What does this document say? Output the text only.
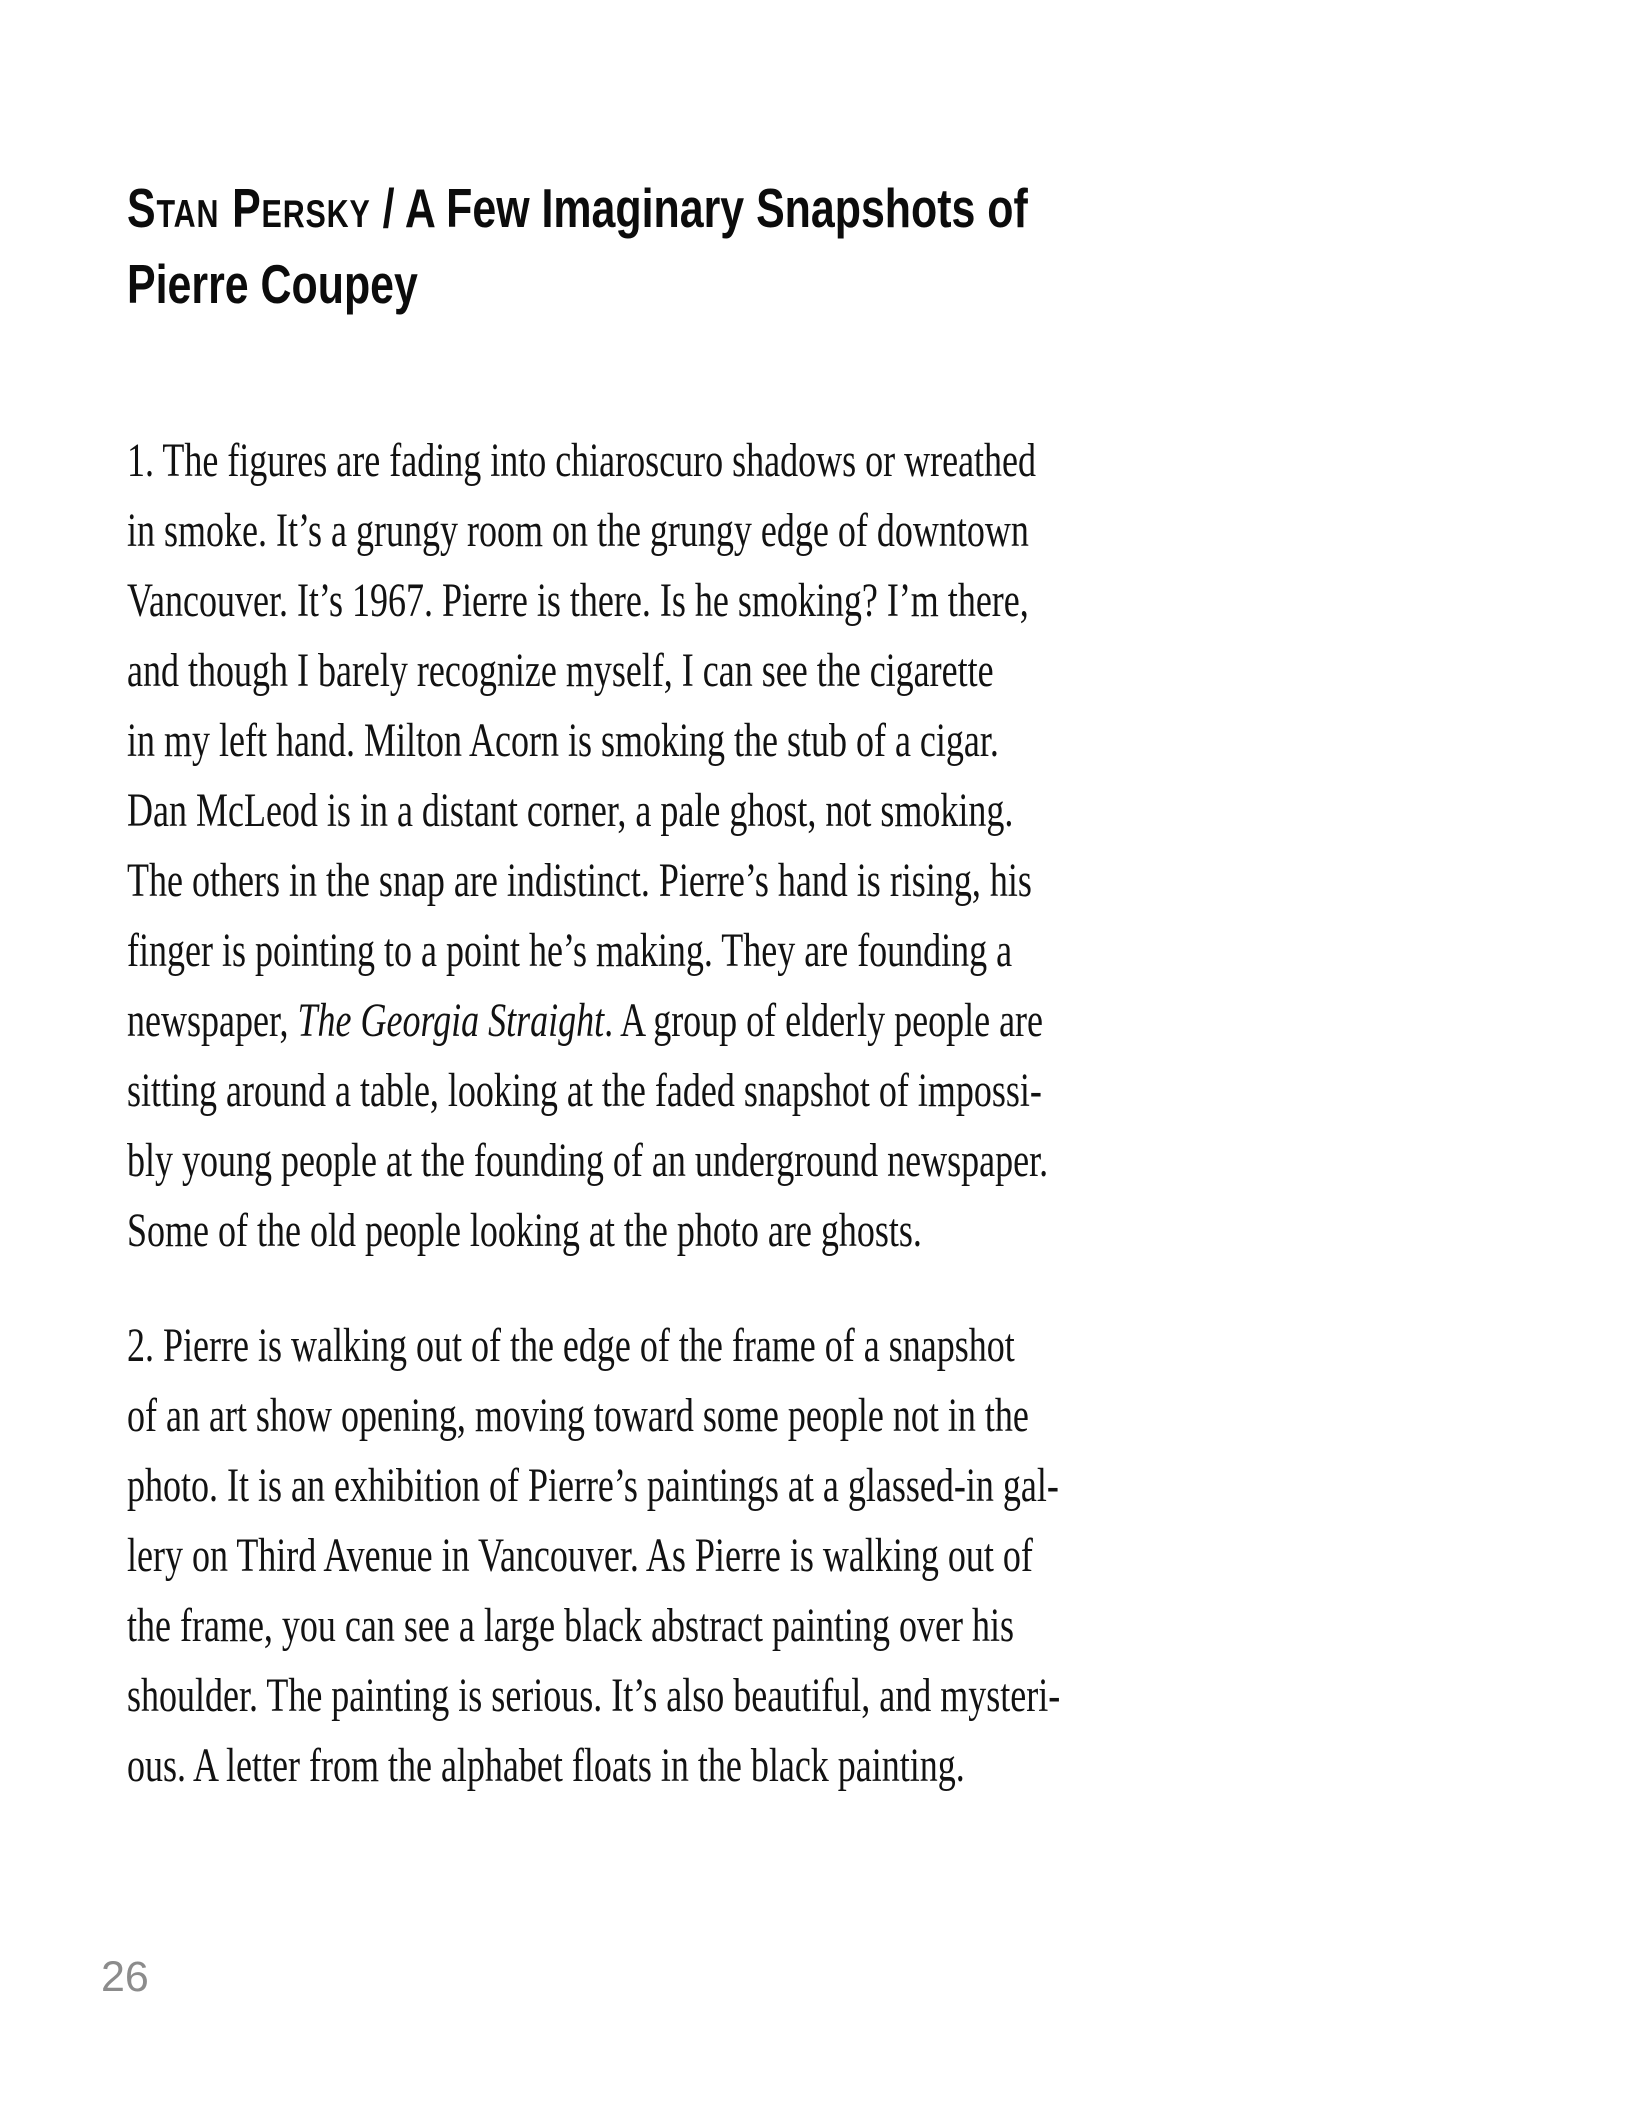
Stan Persky / A Few Imaginary Snapshots of
Pierre Coupey
1. The figures are fading into chiaroscuro shadows or wreathed
in smoke. It’s a grungy room on the grungy edge of downtown
Vancouver. It’s 1967. Pierre is there. Is he smoking? I’m there,
and though I barely recognize myself, I can see the cigarette
in my left hand. Milton Acorn is smoking the stub of a cigar.
Dan McLeod is in a distant corner, a pale ghost, not smoking.
The others in the snap are indistinct. Pierre’s hand is rising, his
finger is pointing to a point he’s making. They are founding a
newspaper, The Georgia Straight. A group of elderly people are
sitting around a table, looking at the faded snapshot of impossi-
bly young people at the founding of an underground newspaper.
Some of the old people looking at the photo are ghosts.
2. Pierre is walking out of the edge of the frame of a snapshot
of an art show opening, moving toward some people not in the
photo. It is an exhibition of Pierre’s paintings at a glassed-in gal-
lery on Third Avenue in Vancouver. As Pierre is walking out of
the frame, you can see a large black abstract painting over his
shoulder. The painting is serious. It’s also beautiful, and mysteri-
ous. A letter from the alphabet floats in the black painting.
26
